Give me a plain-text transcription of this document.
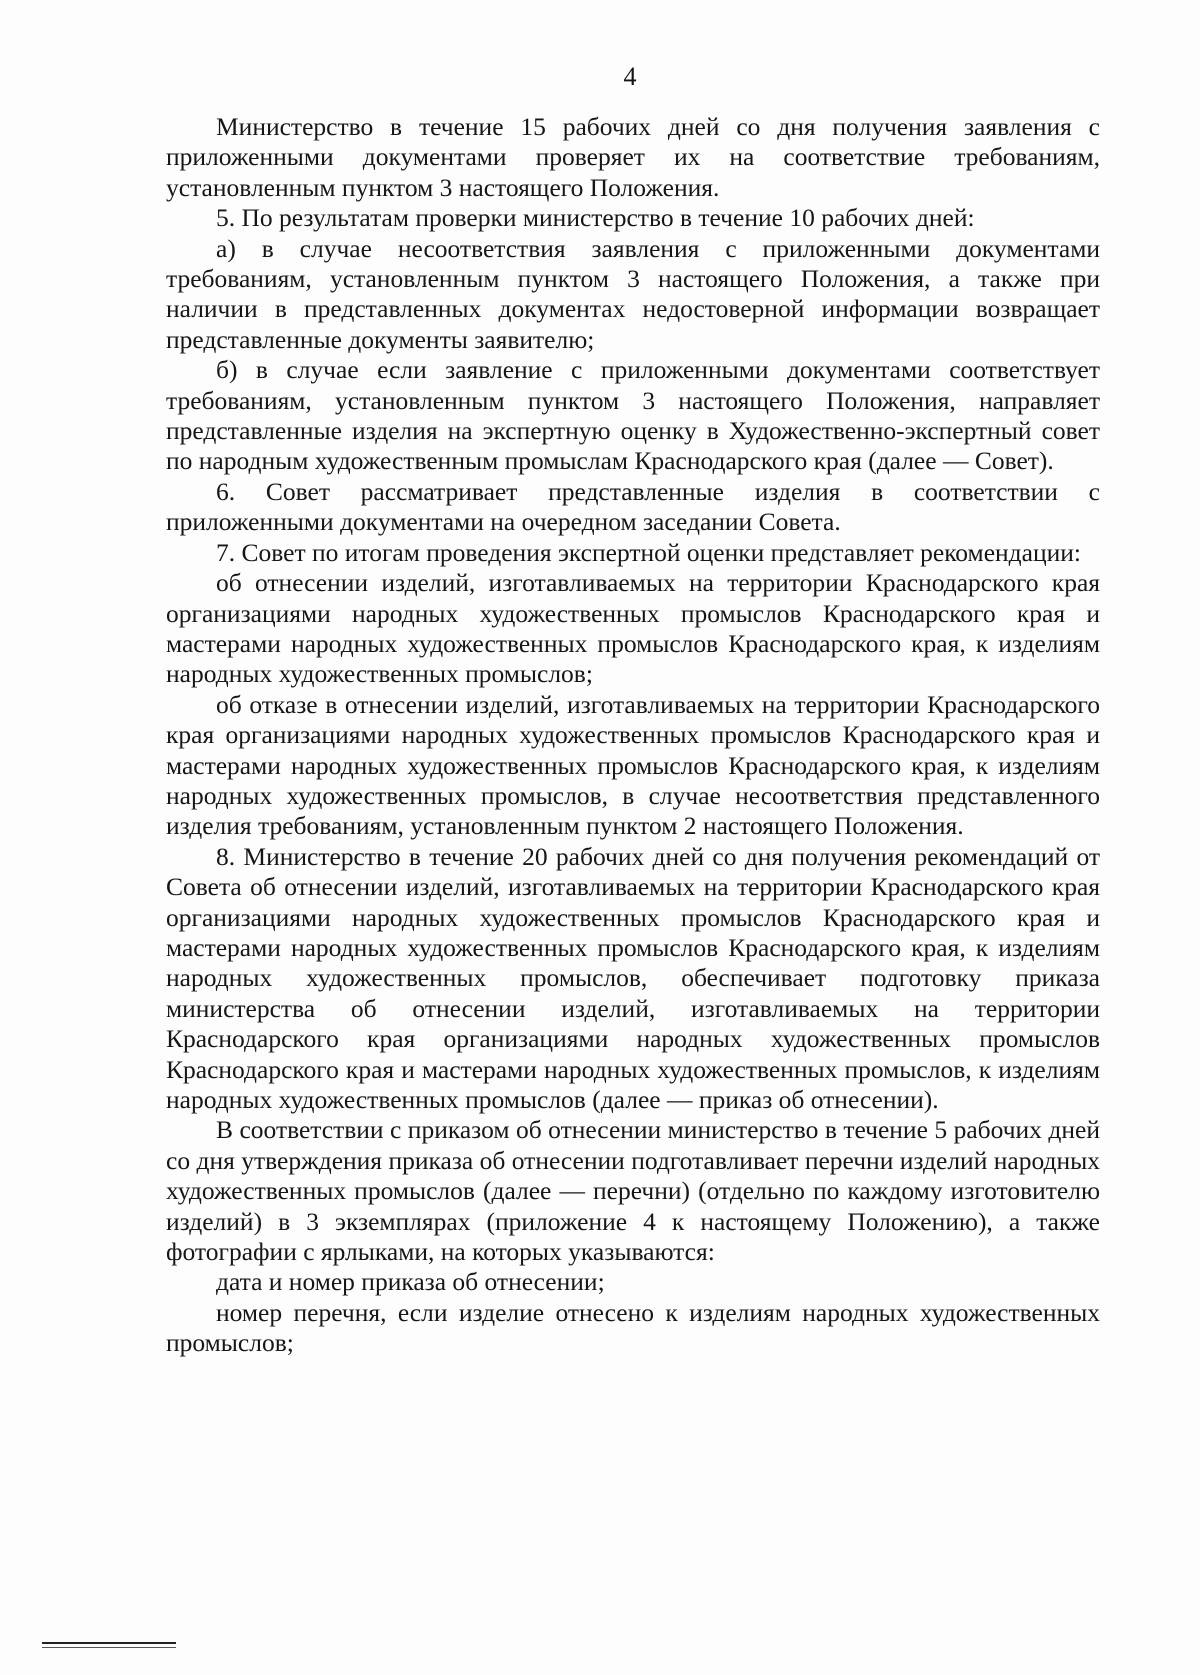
4

Министерство в течение 15 рабочих дней со дня получения заявления с приложенными документами проверяет их на соответствие требованиям, установленным пунктом 3 настоящего Положения.

5. По результатам проверки министерство в течение 10 рабочих дней:

а) в случае несоответствия заявления с приложенными документами требованиям, установленным пунктом 3 настоящего Положения, а также при наличии в представленных документах недостоверной информации возвращает представленные документы заявителю;

б) в случае если заявление с приложенными документами соответствует требованиям, установленным пунктом 3 настоящего Положения, направляет представленные изделия на экспертную оценку в Художественно-экспертный совет по народным художественным промыслам Краснодарского края (далее — Совет).

6. Совет рассматривает представленные изделия в соответствии с приложенными документами на очередном заседании Совета.

7. Совет по итогам проведения экспертной оценки представляет рекомендации:

об отнесении изделий, изготавливаемых на территории Краснодарского края организациями народных художественных промыслов Краснодарского края и мастерами народных художественных промыслов Краснодарского края, к изделиям народных художественных промыслов;

об отказе в отнесении изделий, изготавливаемых на территории Краснодарского края организациями народных художественных промыслов Краснодарского края и мастерами народных художественных промыслов Краснодарского края, к изделиям народных художественных промыслов, в случае несоответствия представленного изделия требованиям, установленным пунктом 2 настоящего Положения.

8. Министерство в течение 20 рабочих дней со дня получения рекомендаций от Совета об отнесении изделий, изготавливаемых на территории Краснодарского края организациями народных художественных промыслов Краснодарского края и мастерами народных художественных промыслов Краснодарского края, к изделиям народных художественных промыслов, обеспечивает подготовку приказа министерства об отнесении изделий, изготавливаемых на территории Краснодарского края организациями народных художественных промыслов Краснодарского края и мастерами народных художественных промыслов, к изделиям народных художественных промыслов (далее — приказ об отнесении).

В соответствии с приказом об отнесении министерство в течение 5 рабочих дней со дня утверждения приказа об отнесении подготавливает перечни изделий народных художественных промыслов (далее — перечни) (отдельно по каждому изготовителю изделий) в 3 экземплярах (приложение 4 к настоящему Положению), а также фотографии с ярлыками, на которых указываются:

дата и номер приказа об отнесении;

номер перечня, если изделие отнесено к изделиям народных художественных промыслов;
